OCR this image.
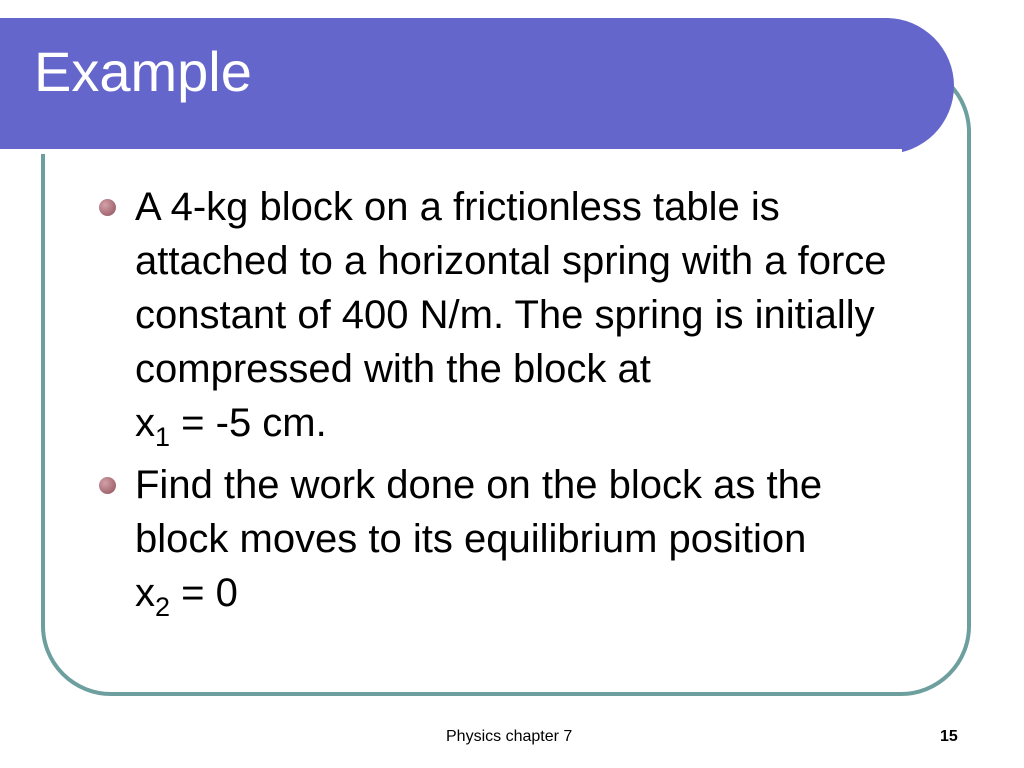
Example
A 4-kg block on a frictionless table is attached to a horizontal spring with a force constant of 400 N/m. The spring is initially compressed with the block at
$x_1 = -5$ cm.
Find the work done on the block as the block moves to its equilibrium position
$x_2 = 0$
Physics chapter 7	15
